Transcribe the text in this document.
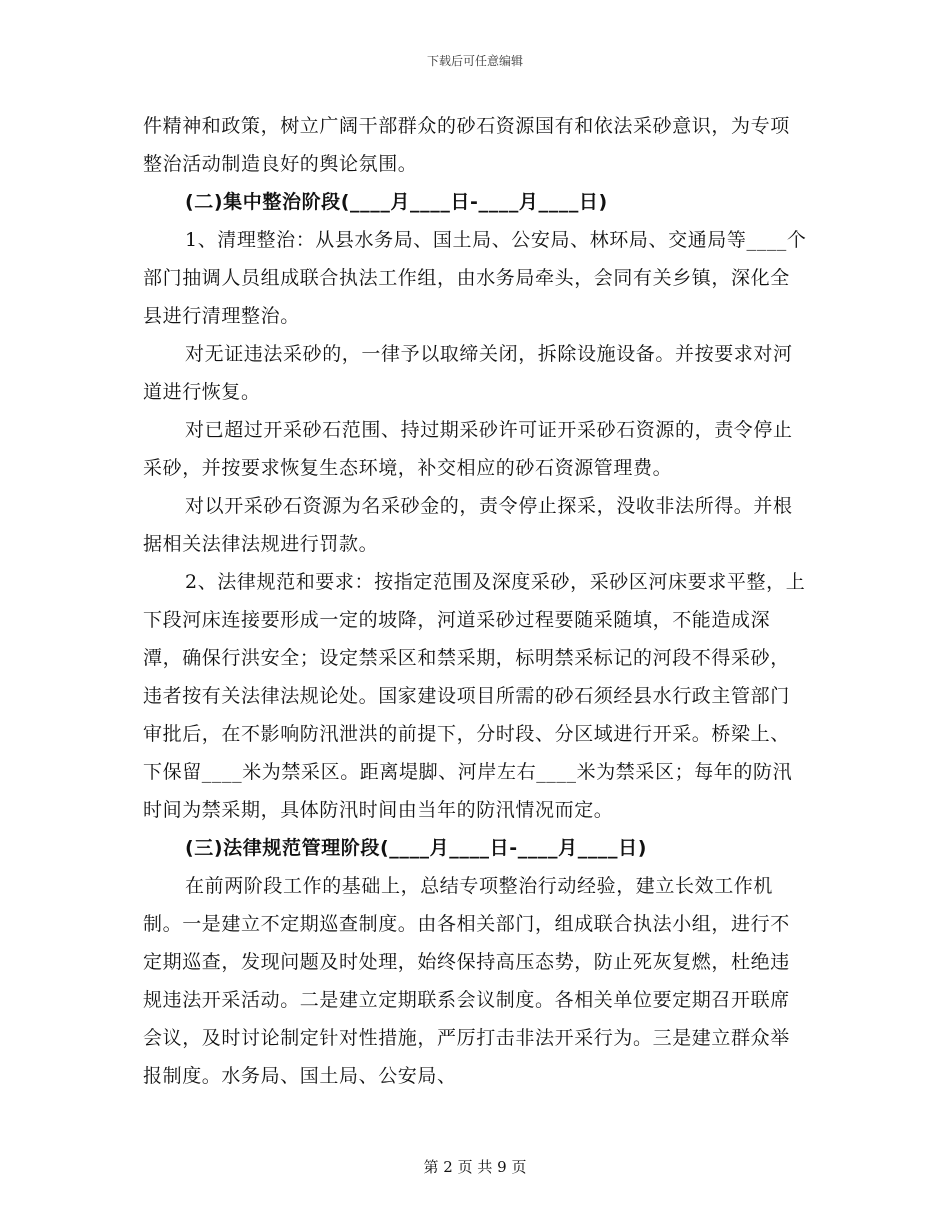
下载后可任意编辑

件精神和政策，树立广阔干部群众的砂石资源国有和依法采砂意识，为专项整治活动制造良好的舆论氛围。

(二)集中整治阶段(____月____日-____月____日)

1、清理整治：从县水务局、国土局、公安局、林环局、交通局等____个部门抽调人员组成联合执法工作组，由水务局牵头，会同有关乡镇，深化全县进行清理整治。

对无证违法采砂的，一律予以取缔关闭，拆除设施设备。并按要求对河道进行恢复。

对已超过开采砂石范围、持过期采砂许可证开采砂石资源的，责令停止采砂，并按要求恢复生态环境，补交相应的砂石资源管理费。

对以开采砂石资源为名采砂金的，责令停止探采，没收非法所得。并根据相关法律法规进行罚款。

2、法律规范和要求：按指定范围及深度采砂，采砂区河床要求平整，上下段河床连接要形成一定的坡降，河道采砂过程要随采随填，不能造成深潭，确保行洪安全；设定禁采区和禁采期，标明禁采标记的河段不得采砂，违者按有关法律法规论处。国家建设项目所需的砂石须经县水行政主管部门审批后，在不影响防汛泄洪的前提下，分时段、分区域进行开采。桥梁上、下保留____米为禁采区。距离堤脚、河岸左右____米为禁采区；每年的防汛时间为禁采期，具体防汛时间由当年的防汛情况而定。

(三)法律规范管理阶段(____月____日-____月____日)

在前两阶段工作的基础上，总结专项整治行动经验，建立长效工作机制。一是建立不定期巡查制度。由各相关部门，组成联合执法小组，进行不定期巡查，发现问题及时处理，始终保持高压态势，防止死灰复燃，杜绝违规违法开采活动。二是建立定期联系会议制度。各相关单位要定期召开联席会议，及时讨论制定针对性措施，严厉打击非法开采行为。三是建立群众举报制度。水务局、国土局、公安局、

第 2 页 共 9 页
